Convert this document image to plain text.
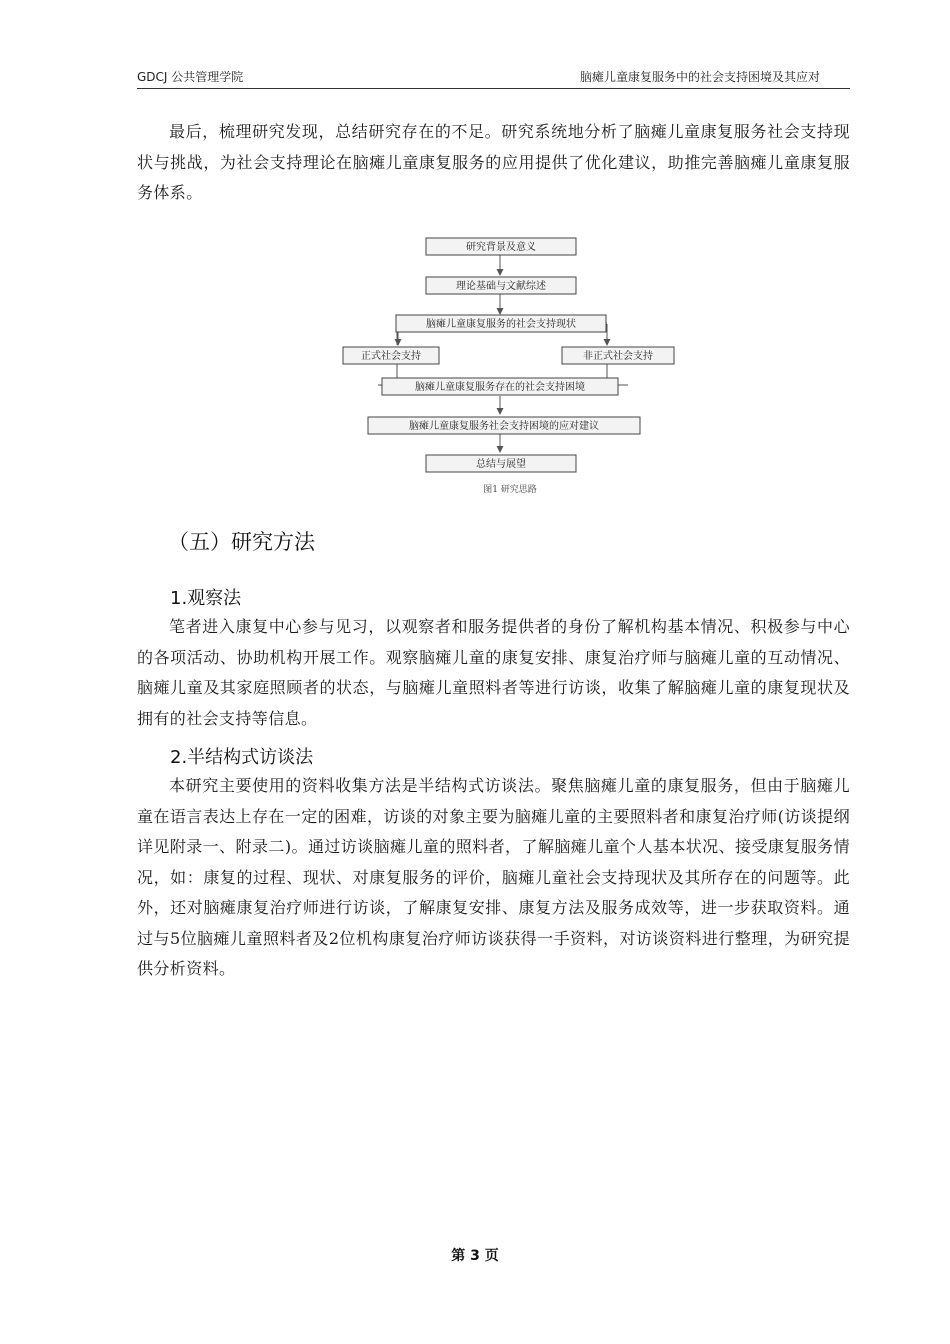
GDCJ 公共管理学院	脑瘫儿童康复服务中的社会支持困境及其应对

最后，梳理研究发现，总结研究存在的不足。研究系统地分析了脑瘫儿童康复服务社会支持现状与挑战，为社会支持理论在脑瘫儿童康复服务的应用提供了优化建议，助推完善脑瘫儿童康复服务体系。

研究背景及意义
理论基础与文献综述
脑瘫儿童康复服务的社会支持现状
正式社会支持	非正式社会支持
脑瘫儿童康复服务存在的社会支持困境
脑瘫儿童康复服务社会支持困境的应对建议
总结与展望
图1 研究思路
（五）研究方法
1.观察法

笔者进入康复中心参与见习，以观察者和服务提供者的身份了解机构基本情况、积极参与中心的各项活动、协助机构开展工作。观察脑瘫儿童的康复安排、康复治疗师与脑瘫儿童的互动情况、脑瘫儿童及其家庭照顾者的状态，与脑瘫儿童照料者等进行访谈，收集了解脑瘫儿童的康复现状及拥有的社会支持等信息。

2.半结构式访谈法

本研究主要使用的资料收集方法是半结构式访谈法。聚焦脑瘫儿童的康复服务，但由于脑瘫儿童在语言表达上存在一定的困难，访谈的对象主要为脑瘫儿童的主要照料者和康复治疗师(访谈提纲详见附录一、附录二)。通过访谈脑瘫儿童的照料者，了解脑瘫儿童个人基本状况、接受康复服务情况，如：康复的过程、现状、对康复服务的评价，脑瘫儿童社会支持现状及其所存在的问题等。此外，还对脑瘫康复治疗师进行访谈，了解康复安排、康复方法及服务成效等，进一步获取资料。通过与5位脑瘫儿童照料者及2位机构康复治疗师访谈获得一手资料，对访谈资料进行整理，为研究提供分析资料。

第 3 页
